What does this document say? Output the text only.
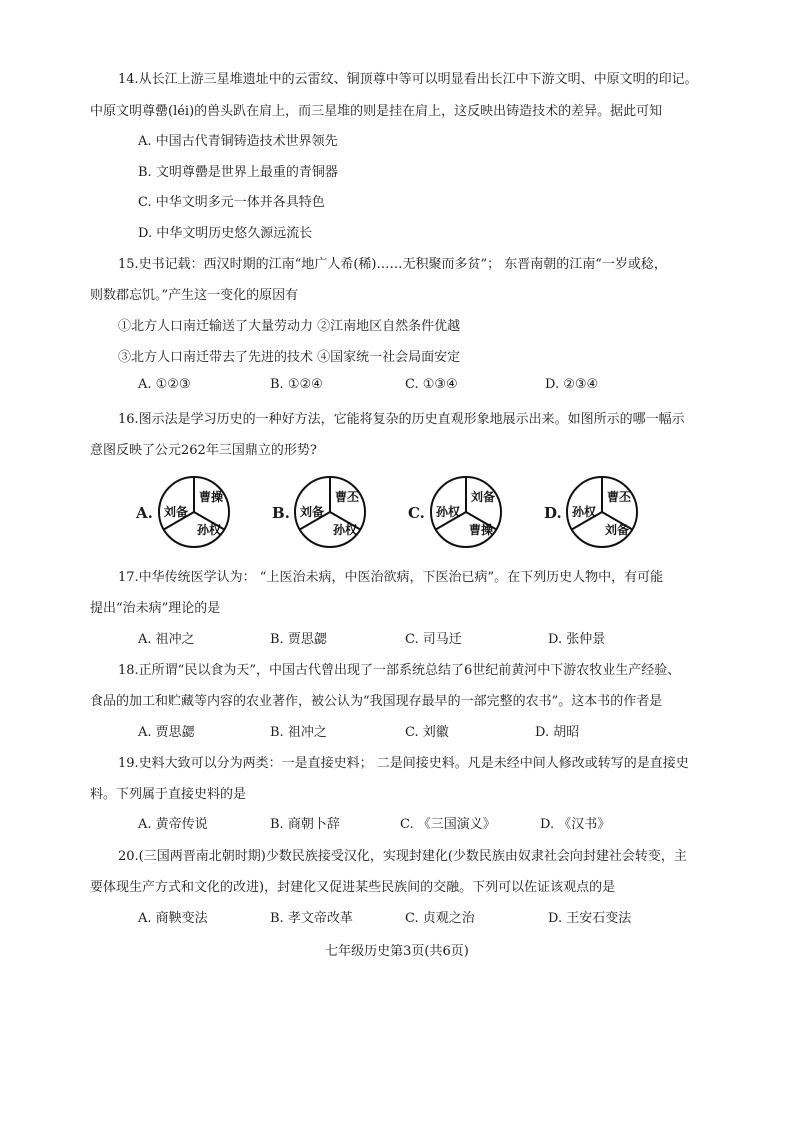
14.从长江上游三星堆遗址中的云雷纹、铜顶尊中等可以明显看出长江中下游文明、中原文明的印记。
中原文明尊罍(léi)的兽头趴在肩上，而三星堆的则是挂在肩上，这反映出铸造技术的差异。据此可知
A. 中国古代青铜铸造技术世界领先
B. 文明尊罍是世界上最重的青铜器
C. 中华文明多元一体并各具特色
D. 中华文明历史悠久源远流长
15.史书记载：西汉时期的江南“地广人希(稀)……无积聚而多贫”； 东晋南朝的江南“一岁或稔，
则数郡忘饥。”产生这一变化的原因有
①北方人口南迁输送了大量劳动力 ②江南地区自然条件优越
③北方人口南迁带去了先进的技术 ④国家统一社会局面安定
A. ①②③	B. ①②④	C. ①③④	D. ②③④
16.图示法是学习历史的一种好方法，它能将复杂的历史直观形象地展示出来。如图所示的哪一幅示
意图反映了公元262年三国鼎立的形势?
A.
曹操
刘备
孙权
B.
曹丕
刘备
孙权
C.
刘备
孙权
曹操
D.
曹丕
孙权
刘备
17.中华传统医学认为： “上医治未病，中医治欲病，下医治已病”。在下列历史人物中，有可能
提出“治未病”理论的是
A. 祖冲之	B. 贾思勰	C. 司马迁	D. 张仲景
18.正所谓“民以食为天”，中国古代曾出现了一部系统总结了6世纪前黄河中下游农牧业生产经验、
食品的加工和贮藏等内容的农业著作，被公认为“我国现存最早的一部完整的农书”。这本书的作者是
A. 贾思勰	B. 祖冲之	C. 刘徽	D. 胡昭
19.史料大致可以分为两类：一是直接史料； 二是间接史料。凡是未经中间人修改或转写的是直接史
料。下列属于直接史料的是
A. 黄帝传说	B. 商朝卜辞	C. 《三国演义》	D. 《汉书》
20.(三国两晋南北朝时期)少数民族接受汉化，实现封建化(少数民族由奴隶社会向封建社会转变，主
要体现生产方式和文化的改进)，封建化又促进某些民族间的交融。下列可以佐证该观点的是
A. 商鞅变法	B. 孝文帝改革	C. 贞观之治	D. 王安石变法
七年级历史第3页(共6页)
